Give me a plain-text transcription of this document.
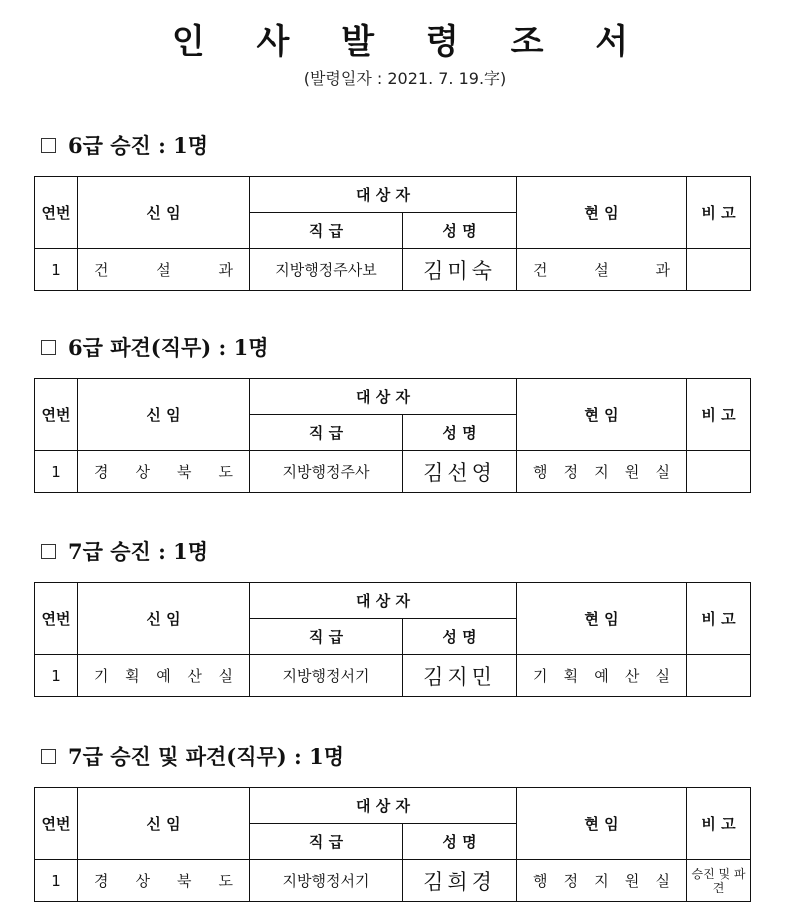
인 사 발 령 조 서
(발령일자 : 2021. 7. 19.字)
6급 승진 : 1명
연번	신 임	대 상 자		현 임	비 고
		직 급	성 명		
1	건 설 과	지방행정주사보	김미숙	건 설 과	

6급 파견(직무) : 1명
연번	신 임	대 상 자		현 임	비 고
		직 급	성 명		
1	경 상 북 도	지방행정주사	김선영	행 정 지 원 실	

7급 승진 : 1명
연번	신 임	대 상 자		현 임	비 고
		직 급	성 명		
1	기 획 예 산 실	지방행정서기	김지민	기 획 예 산 실	

7급 승진 및 파견(직무) : 1명
연번	신 임	대 상 자		현 임	비 고
		직 급	성 명		
1	경 상 북 도	지방행정서기	김희경	행 정 지 원 실	승진 및 파견
